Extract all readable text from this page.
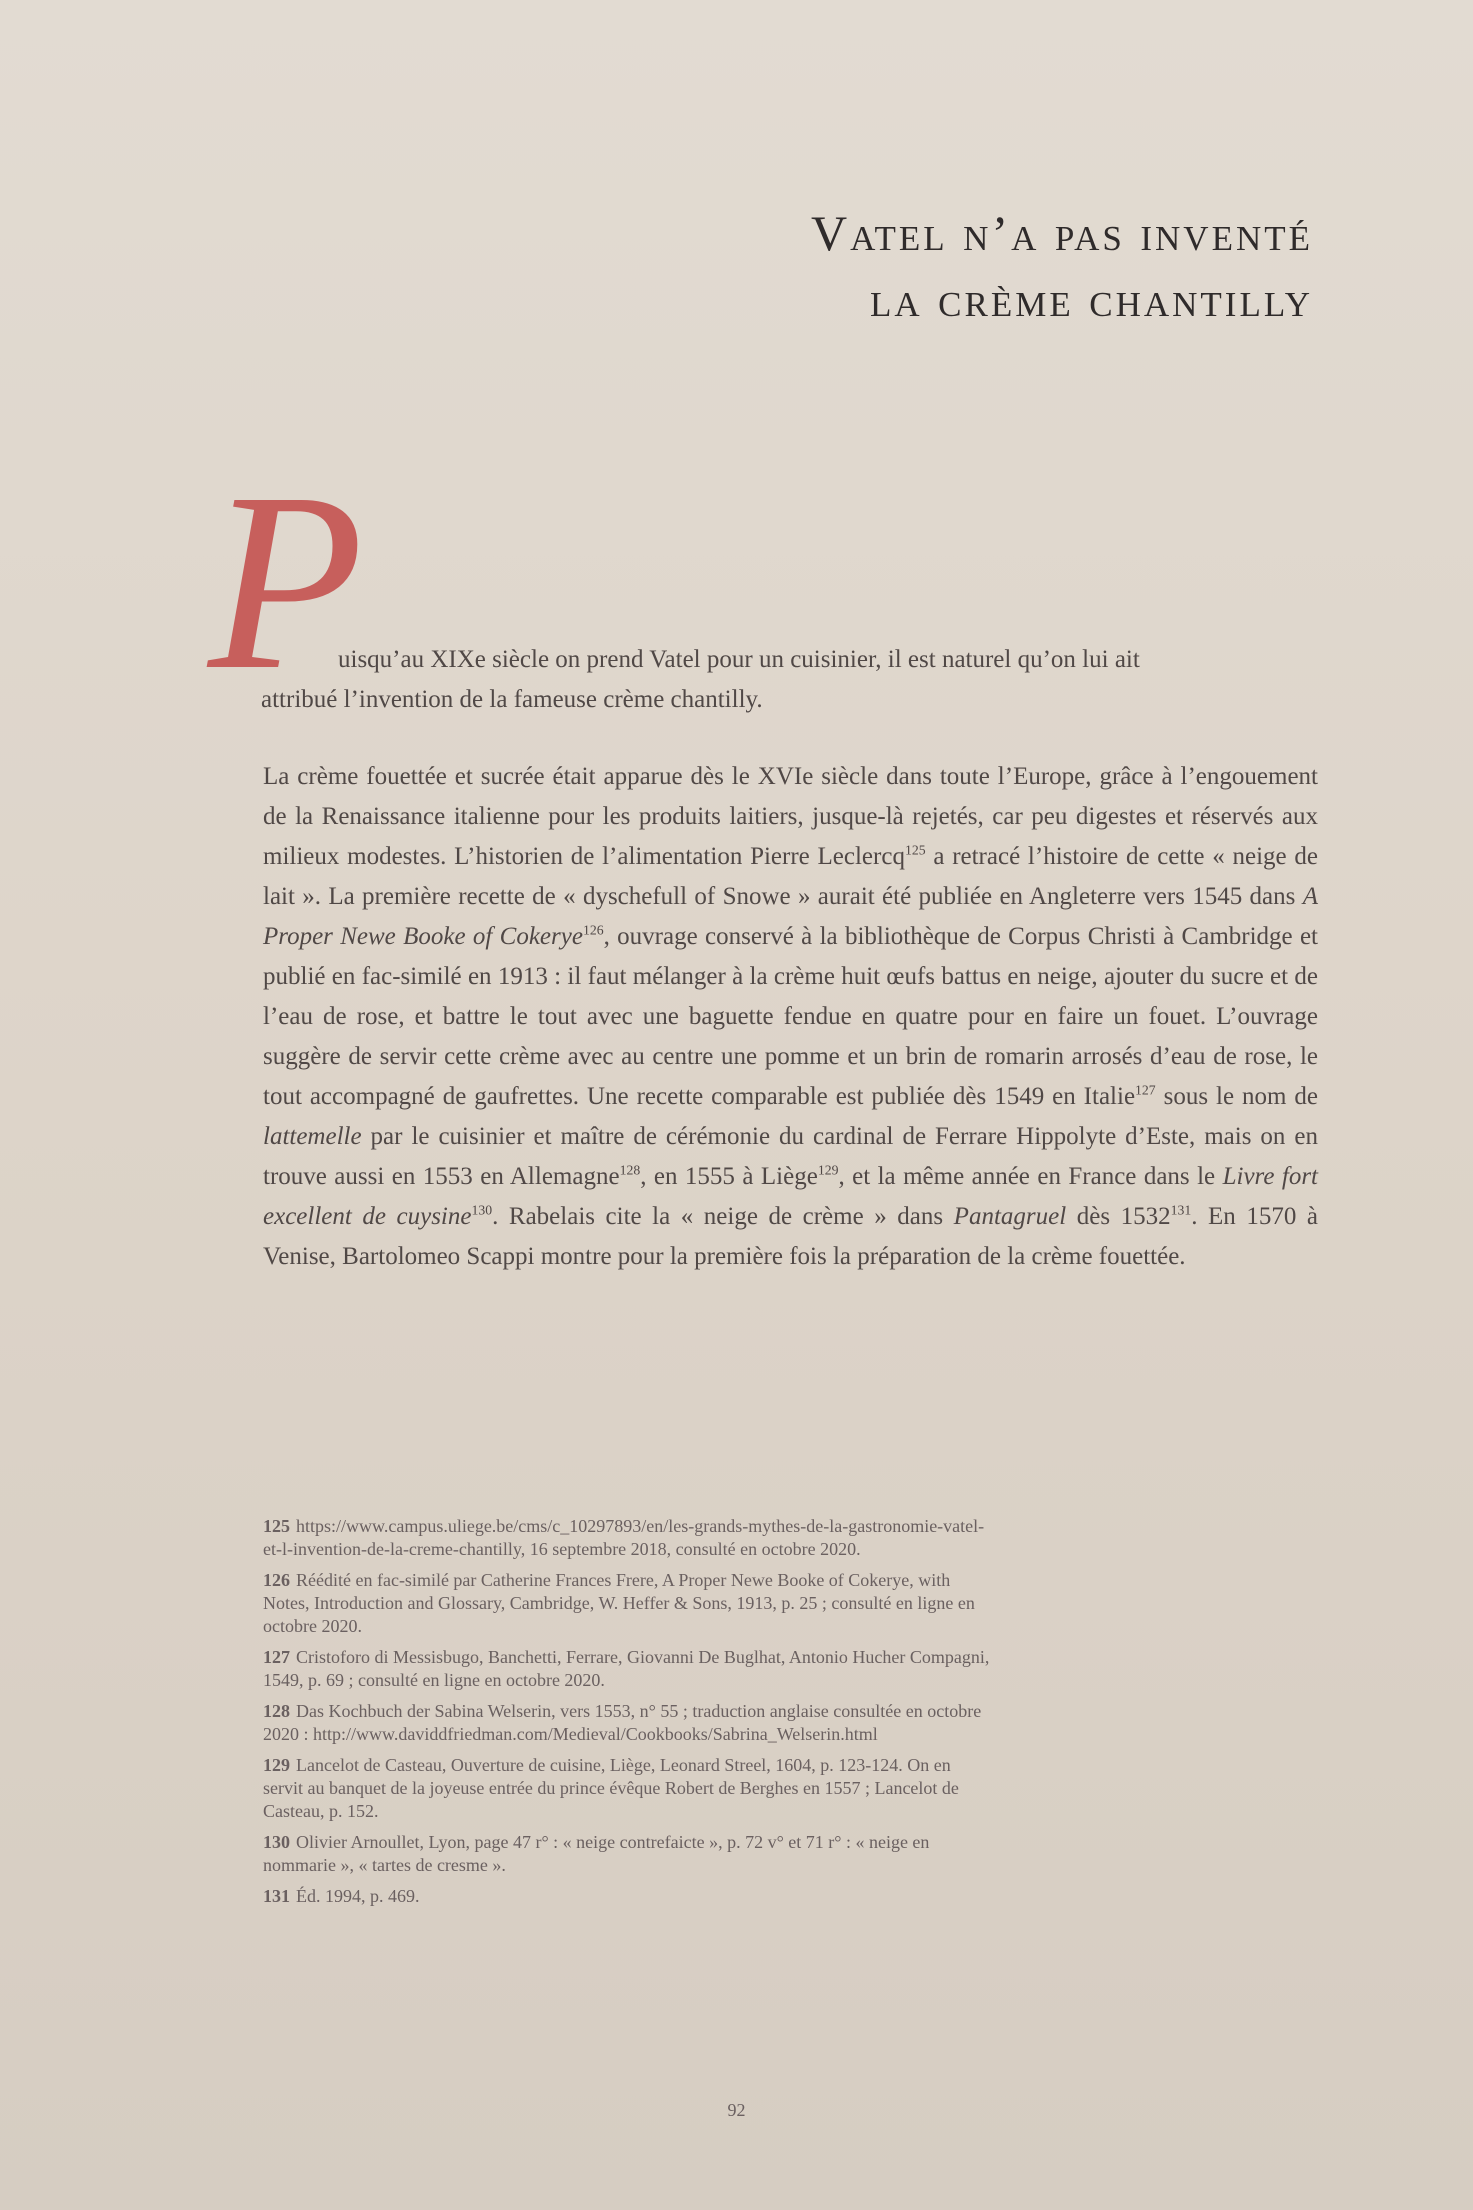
Vatel n’a pas inventé
la crème chantilly
P
uisqu’au XIXe siècle on prend Vatel pour un cuisinier, il est naturel qu’on lui ait
attribué l’invention de la fameuse crème chantilly.
La crème fouettée et sucrée était apparue dès le XVIe siècle dans toute l’Europe, grâce à l’engouement de la Renaissance italienne pour les produits laitiers, jusque-là rejetés, car peu digestes et réservés aux milieux modestes. L’historien de l’alimentation Pierre Leclercq$^{125}$ a retracé l’histoire de cette « neige de lait ». La première recette de « dyschefull of Snowe » aurait été publiée en Angleterre vers 1545 dans A Proper Newe Booke of Cokerye$^{126}$, ouvrage conservé à la bibliothèque de Corpus Christi à Cambridge et publié en fac-similé en 1913 : il faut mélanger à la crème huit œufs battus en neige, ajouter du sucre et de l’eau de rose, et battre le tout avec une baguette fendue en quatre pour en faire un fouet. L’ouvrage suggère de servir cette crème avec au centre une pomme et un brin de romarin arrosés d’eau de rose, le tout accompagné de gaufrettes. Une recette comparable est publiée dès 1549 en Italie$^{127}$ sous le nom de lattemelle par le cuisinier et maître de cérémonie du cardinal de Ferrare Hippolyte d’Este, mais on en trouve aussi en 1553 en Allemagne$^{128}$, en 1555 à Liège$^{129}$, et la même année en France dans le Livre fort excellent de cuysine$^{130}$. Rabelais cite la « neige de crème » dans Pantagruel dès 1532$^{131}$. En 1570 à Venise, Bartolomeo Scappi montre pour la première fois la préparation de la crème fouettée.
125 https://www.campus.uliege.be/cms/c_10297893/en/les-grands-mythes-de-la-gastronomie-vatel-et-l-invention-de-la-creme-chantilly, 16 septembre 2018, consulté en octobre 2020.
126 Réédité en fac-similé par Catherine Frances Frere, A Proper Newe Booke of Cokerye, with Notes, Introduction and Glossary, Cambridge, W. Heffer & Sons, 1913, p. 25 ; consulté en ligne en octobre 2020.
127 Cristoforo di Messisbugo, Banchetti, Ferrare, Giovanni De Buglhat, Antonio Hucher Compagni, 1549, p. 69 ; consulté en ligne en octobre 2020.
128 Das Kochbuch der Sabina Welserin, vers 1553, n° 55 ; traduction anglaise consultée en octobre 2020 : http://www.daviddfriedman.com/Medieval/Cookbooks/Sabrina_Welserin.html
129 Lancelot de Casteau, Ouverture de cuisine, Liège, Leonard Streel, 1604, p. 123-124. On en servit au banquet de la joyeuse entrée du prince évêque Robert de Berghes en 1557 ; Lancelot de Casteau, p. 152.
130 Olivier Arnoullet, Lyon, page 47 r° : « neige contrefaicte », p. 72 v° et 71 r° : « neige en nommarie », « tartes de cresme ».
131 Éd. 1994, p. 469.
92
